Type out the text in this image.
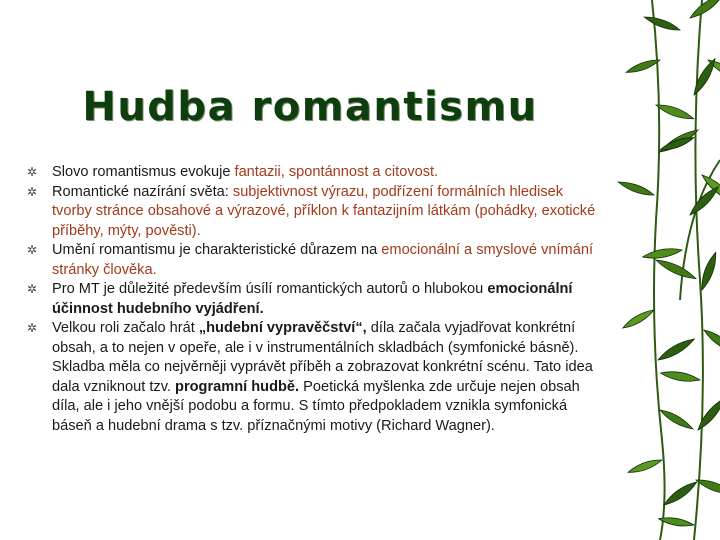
Hudba romantismu
✲ Slovo romantismus evokuje fantazii, spontánnost a citovost.
✲ Romantické nazírání světa: subjektivnost výrazu, podřízení formálních hledisek tvorby stránce obsahové a výrazové, příklon k fantazijním látkám (pohádky, exotické příběhy, mýty, pověsti).
✲ Umění romantismu je charakteristické důrazem na emocionální a smyslové vnímání stránky člověka.
✲ Pro MT je důležité především úsílí romantických autorů o hlubokou emocionální účinnost hudebního vyjádření.
✲ Velkou roli začalo hrát „hudební vypravěčství“, díla začala vyjadřovat konkrétní obsah, a to nejen v opeře, ale i v instrumentálních skladbách (symfonické básně). Skladba měla co nejvěrněji vyprávět příběh a zobrazovat konkrétní scénu. Tato idea dala vzniknout tzv. programní hudbě. Poetická myšlenka zde určuje nejen obsah díla, ale i jeho vnější podobu a formu. S tímto předpokladem vznikla symfonická báseň a hudební drama s tzv. příznačnými motivy (Richard Wagner).
